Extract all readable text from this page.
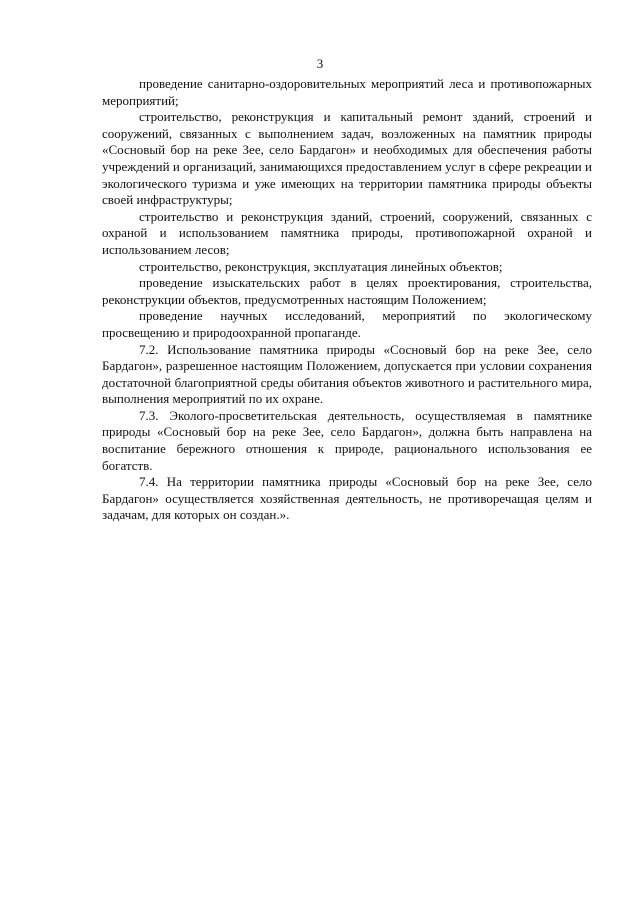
3

проведение санитарно-оздоровительных мероприятий леса и противопожарных мероприятий;

строительство, реконструкция и капитальный ремонт зданий, строений и сооружений, связанных с выполнением задач, возложенных на памятник природы «Сосновый бор на реке Зее, село Бардагон» и необходимых для обеспечения работы учреждений и организаций, занимающихся предоставлением услуг в сфере рекреации и экологического туризма и уже имеющих на территории памятника природы объекты своей инфраструктуры;

строительство и реконструкция зданий, строений, сооружений, связанных с охраной и использованием памятника природы, противопожарной охраной и использованием лесов;

строительство, реконструкция, эксплуатация линейных объектов;

проведение изыскательских работ в целях проектирования, строительства, реконструкции объектов, предусмотренных настоящим Положением;

проведение научных исследований, мероприятий по экологическому просвещению и природоохранной пропаганде.

7.2. Использование памятника природы «Сосновый бор на реке Зее, село Бардагон», разрешенное настоящим Положением, допускается при условии сохранения достаточной благоприятной среды обитания объектов животного и растительного мира, выполнения мероприятий по их охране.

7.3. Эколого-просветительская деятельность, осуществляемая в памятнике природы «Сосновый бор на реке Зее, село Бардагон», должна быть направлена на воспитание бережного отношения к природе, рационального использования ее богатств.

7.4. На территории памятника природы «Сосновый бор на реке Зее, село Бардагон» осуществляется хозяйственная деятельность, не противоречащая целям и задачам, для которых он создан.».
